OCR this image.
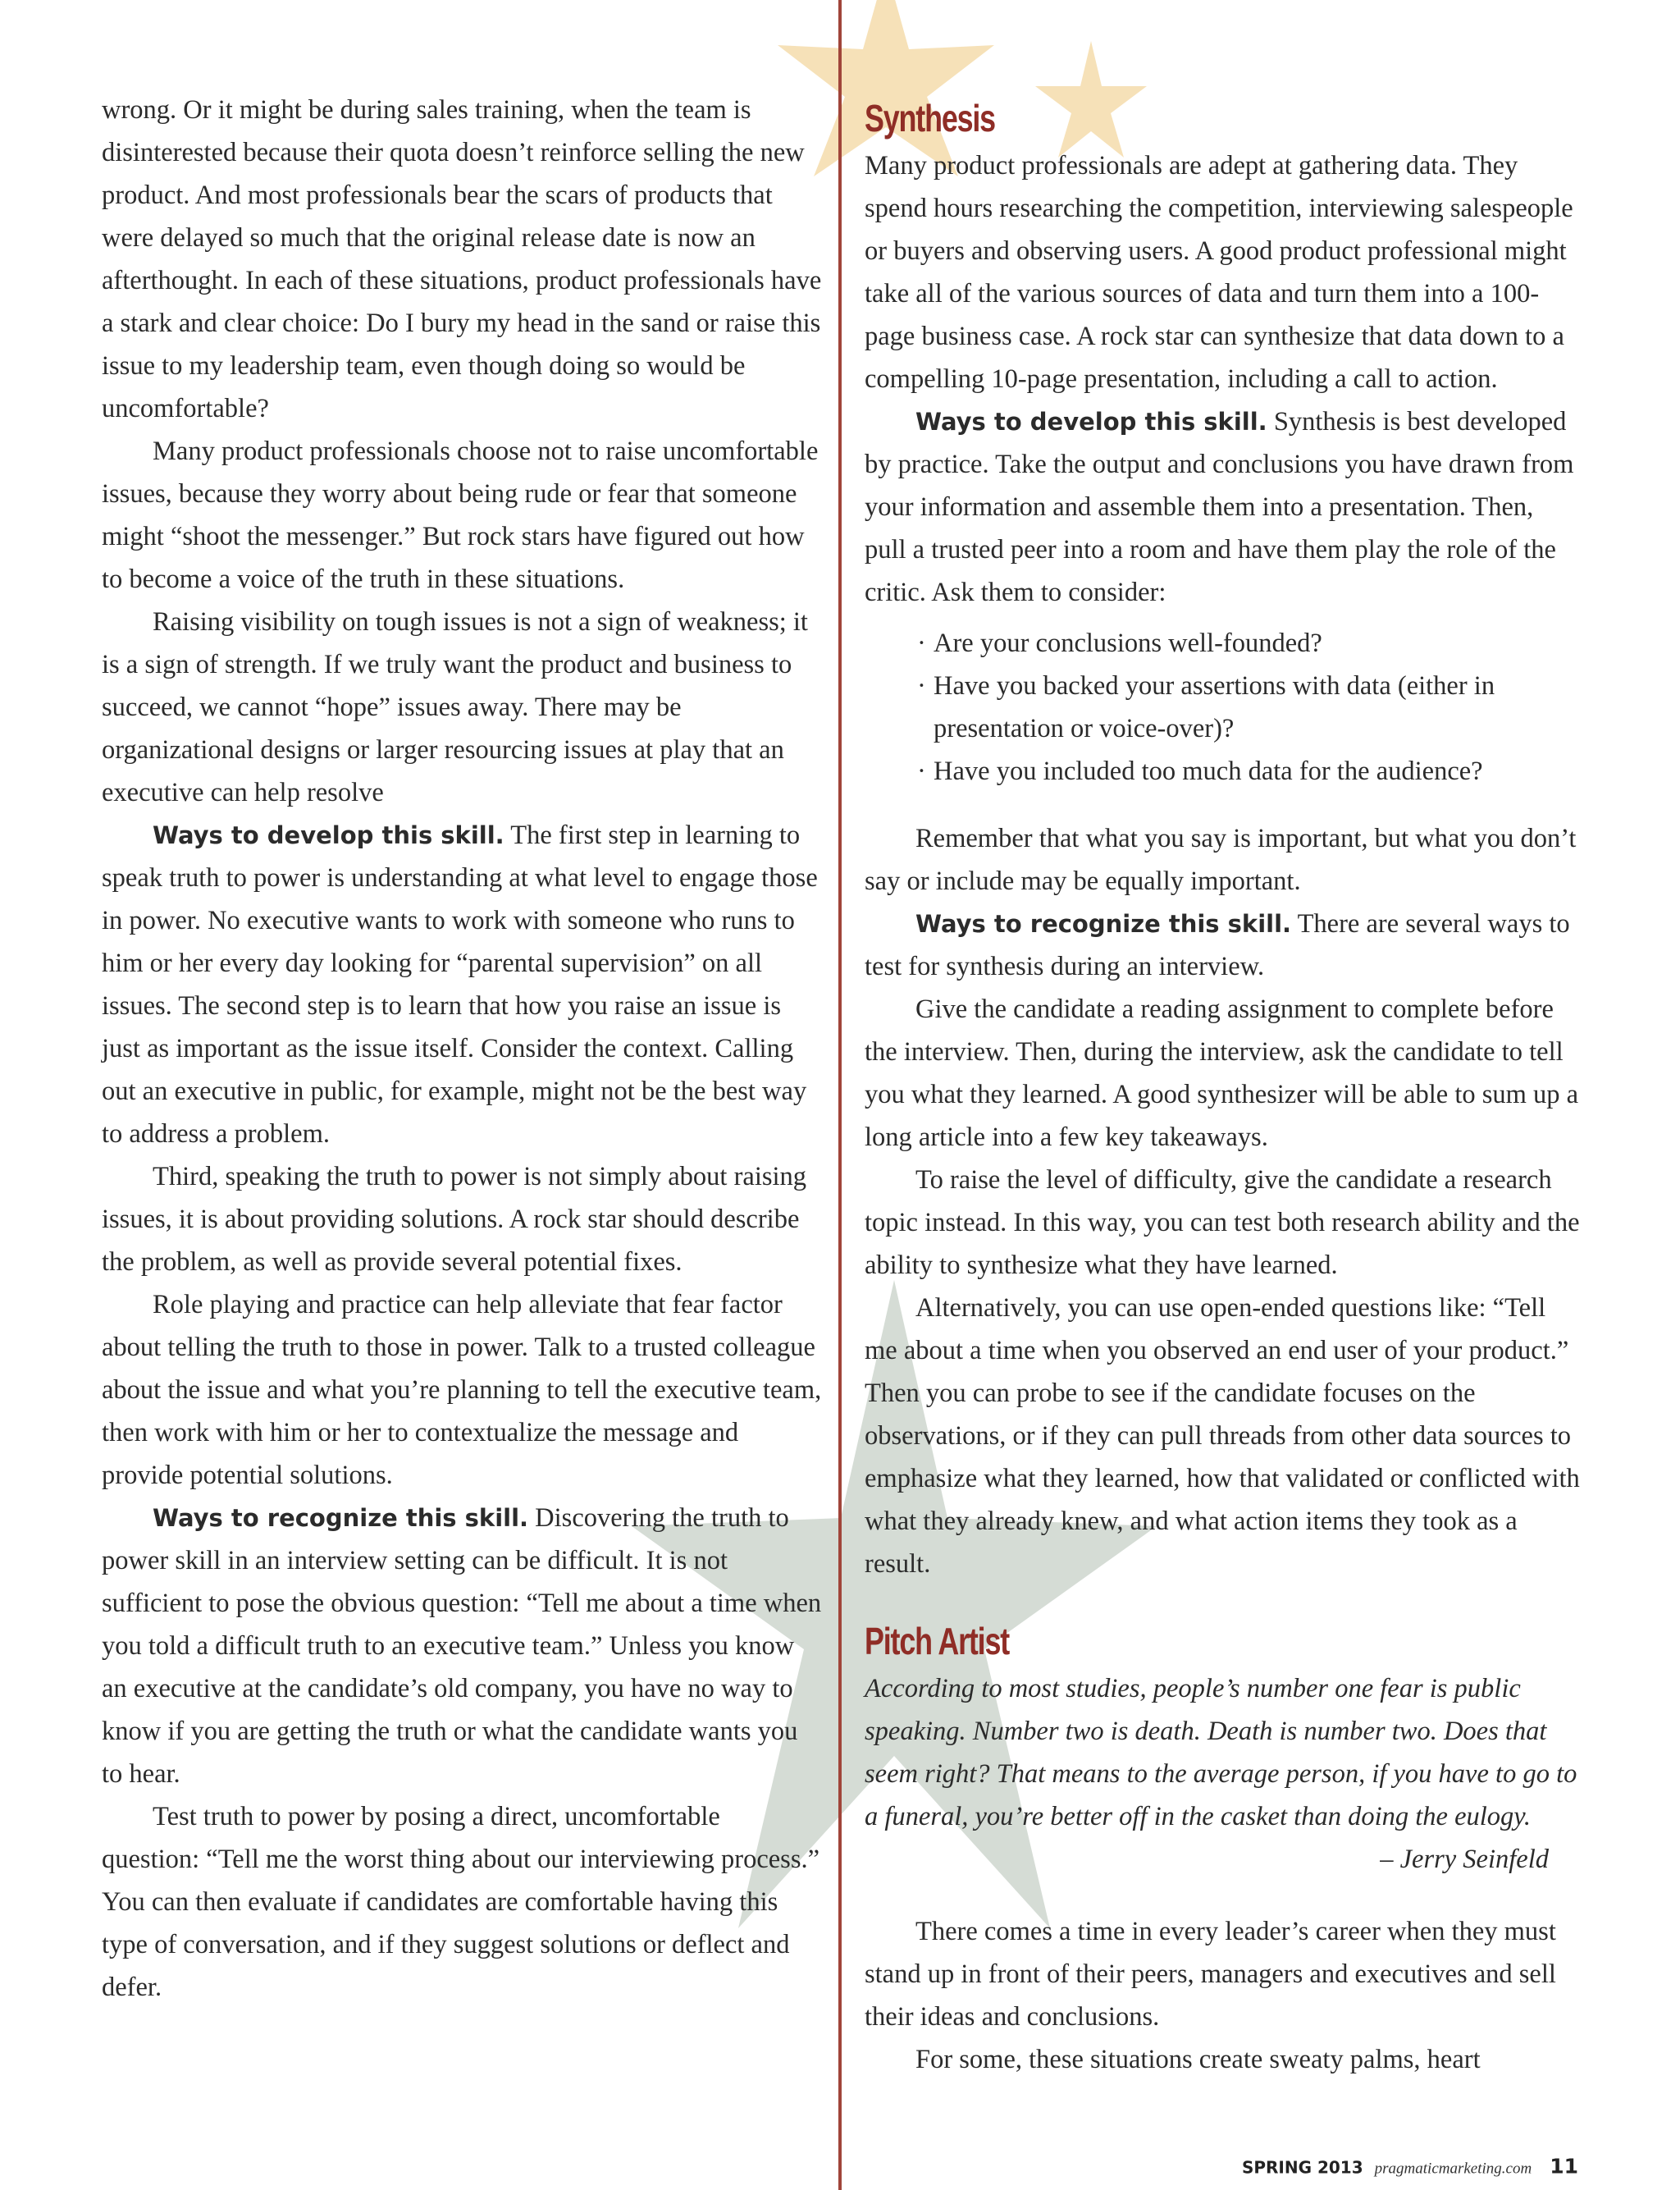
wrong. Or it might be during sales training, when the team is disinterested because their quota doesn’t reinforce selling the new product. And most professionals bear the scars of products that were delayed so much that the original release date is now an afterthought. In each of these situations, product professionals have a stark and clear choice: Do I bury my head in the sand or raise this issue to my leadership team, even though doing so would be uncomfortable?

Many product professionals choose not to raise uncomfortable issues, because they worry about being rude or fear that someone might “shoot the messenger.” But rock stars have figured out how to become a voice of the truth in these situations.

Raising visibility on tough issues is not a sign of weakness; it is a sign of strength. If we truly want the product and business to succeed, we cannot “hope” issues away. There may be organizational designs or larger resourcing issues at play that an executive can help resolve

Ways to develop this skill. The first step in learning to speak truth to power is understanding at what level to engage those in power. No executive wants to work with someone who runs to him or her every day looking for “parental supervision” on all issues. The second step is to learn that how you raise an issue is just as important as the issue itself. Consider the context. Calling out an executive in public, for example, might not be the best way to address a problem.

Third, speaking the truth to power is not simply about raising issues, it is about providing solutions. A rock star should describe the problem, as well as provide several potential fixes.

Role playing and practice can help alleviate that fear factor about telling the truth to those in power. Talk to a trusted colleague about the issue and what you’re planning to tell the executive team, then work with him or her to contextualize the message and provide potential solutions.

Ways to recognize this skill. Discovering the truth to power skill in an interview setting can be difficult. It is not sufficient to pose the obvious question: “Tell me about a time when you told a difficult truth to an executive team.” Unless you know an executive at the candidate’s old company, you have no way to know if you are getting the truth or what the candidate wants you to hear.

Test truth to power by posing a direct, uncomfortable question: “Tell me the worst thing about our interviewing process.” You can then evaluate if candidates are comfortable having this type of conversation, and if they suggest solutions or deflect and defer.

Synthesis

Many product professionals are adept at gathering data. They spend hours researching the competition, interviewing salespeople or buyers and observing users. A good product professional might take all of the various sources of data and turn them into a 100-page business case. A rock star can synthesize that data down to a compelling 10-page presentation, including a call to action.

Ways to develop this skill. Synthesis is best developed by practice. Take the output and conclusions you have drawn from your information and assemble them into a presentation. Then, pull a trusted peer into a room and have them play the role of the critic. Ask them to consider:

· Are your conclusions well-founded?
· Have you backed your assertions with data (either in presentation or voice-over)?
· Have you included too much data for the audience?

Remember that what you say is important, but what you don’t say or include may be equally important.

Ways to recognize this skill. There are several ways to test for synthesis during an interview.

Give the candidate a reading assignment to complete before the interview. Then, during the interview, ask the candidate to tell you what they learned. A good synthesizer will be able to sum up a long article into a few key takeaways.

To raise the level of difficulty, give the candidate a research topic instead. In this way, you can test both research ability and the ability to synthesize what they have learned.

Alternatively, you can use open-ended questions like: “Tell me about a time when you observed an end user of your product.” Then you can probe to see if the candidate focuses on the observations, or if they can pull threads from other data sources to emphasize what they learned, how that validated or conflicted with what they already knew, and what action items they took as a result.

Pitch Artist

According to most studies, people’s number one fear is public speaking. Number two is death. Death is number two. Does that seem right? That means to the average person, if you have to go to a funeral, you’re better off in the casket than doing the eulogy.

– Jerry Seinfeld

There comes a time in every leader’s career when they must stand up in front of their peers, managers and executives and sell their ideas and conclusions.

For some, these situations create sweaty palms, heart

SPRING 2013 pragmaticmarketing.com 11
